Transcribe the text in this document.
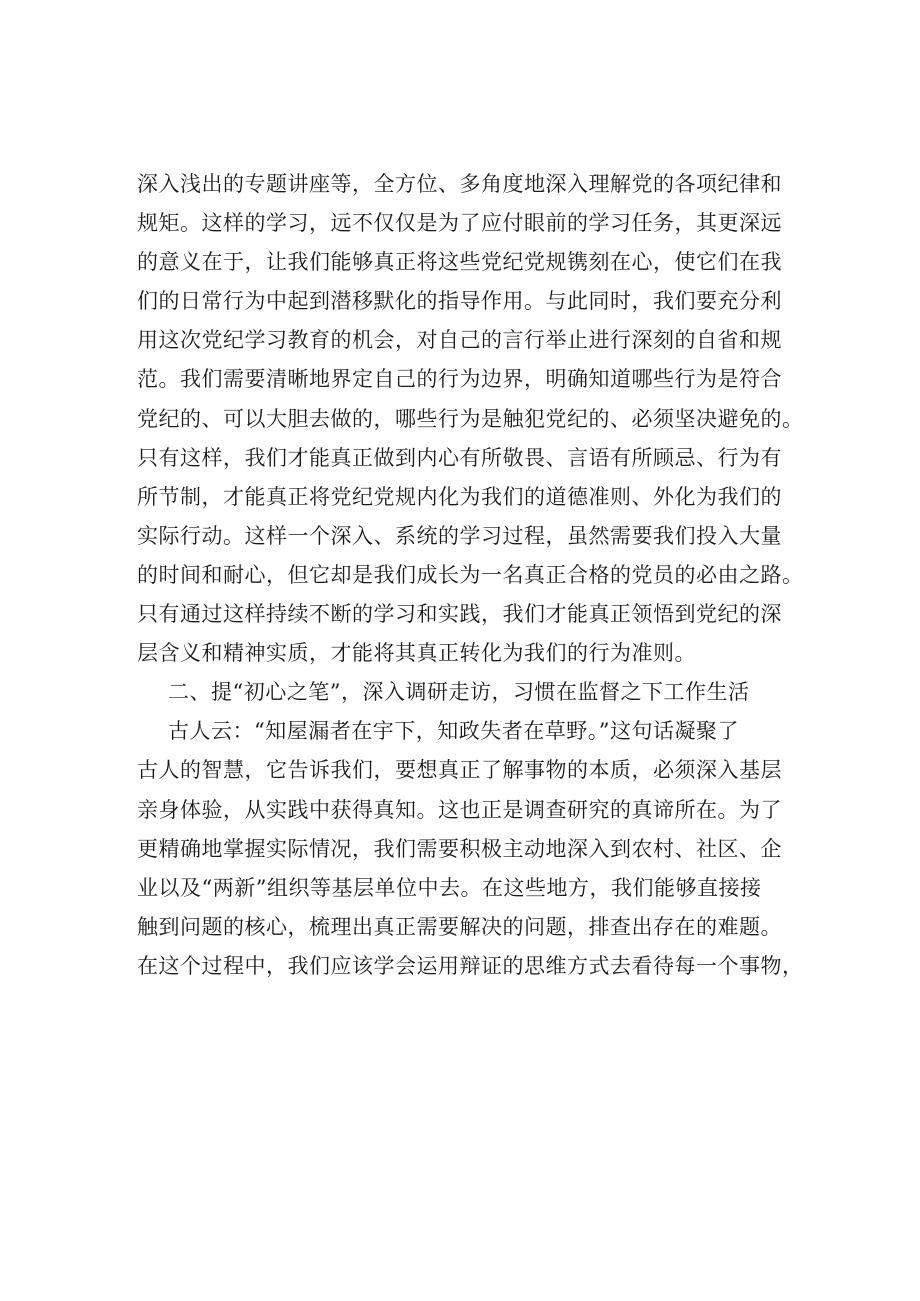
深入浅出的专题讲座等，全方位、多角度地深入理解党的各项纪律和
规矩。这样的学习，远不仅仅是为了应付眼前的学习任务，其更深远
的意义在于，让我们能够真正将这些党纪党规镌刻在心，使它们在我
们的日常行为中起到潜移默化的指导作用。与此同时，我们要充分利
用这次党纪学习教育的机会，对自己的言行举止进行深刻的自省和规
范。我们需要清晰地界定自己的行为边界，明确知道哪些行为是符合
党纪的、可以大胆去做的，哪些行为是触犯党纪的、必须坚决避免的。
只有这样，我们才能真正做到内心有所敬畏、言语有所顾忌、行为有
所节制，才能真正将党纪党规内化为我们的道德准则、外化为我们的
实际行动。这样一个深入、系统的学习过程，虽然需要我们投入大量
的时间和耐心，但它却是我们成长为一名真正合格的党员的必由之路。
只有通过这样持续不断的学习和实践，我们才能真正领悟到党纪的深
层含义和精神实质，才能将其真正转化为我们的行为准则。
二、提“初心之笔”，深入调研走访，习惯在监督之下工作生活
古人云：“知屋漏者在宇下，知政失者在草野。”这句话凝聚了
古人的智慧，它告诉我们，要想真正了解事物的本质，必须深入基层
亲身体验，从实践中获得真知。这也正是调查研究的真谛所在。为了
更精确地掌握实际情况，我们需要积极主动地深入到农村、社区、企
业以及“两新”组织等基层单位中去。在这些地方，我们能够直接接
触到问题的核心，梳理出真正需要解决的问题，排查出存在的难题。
在这个过程中，我们应该学会运用辩证的思维方式去看待每一个事物，
